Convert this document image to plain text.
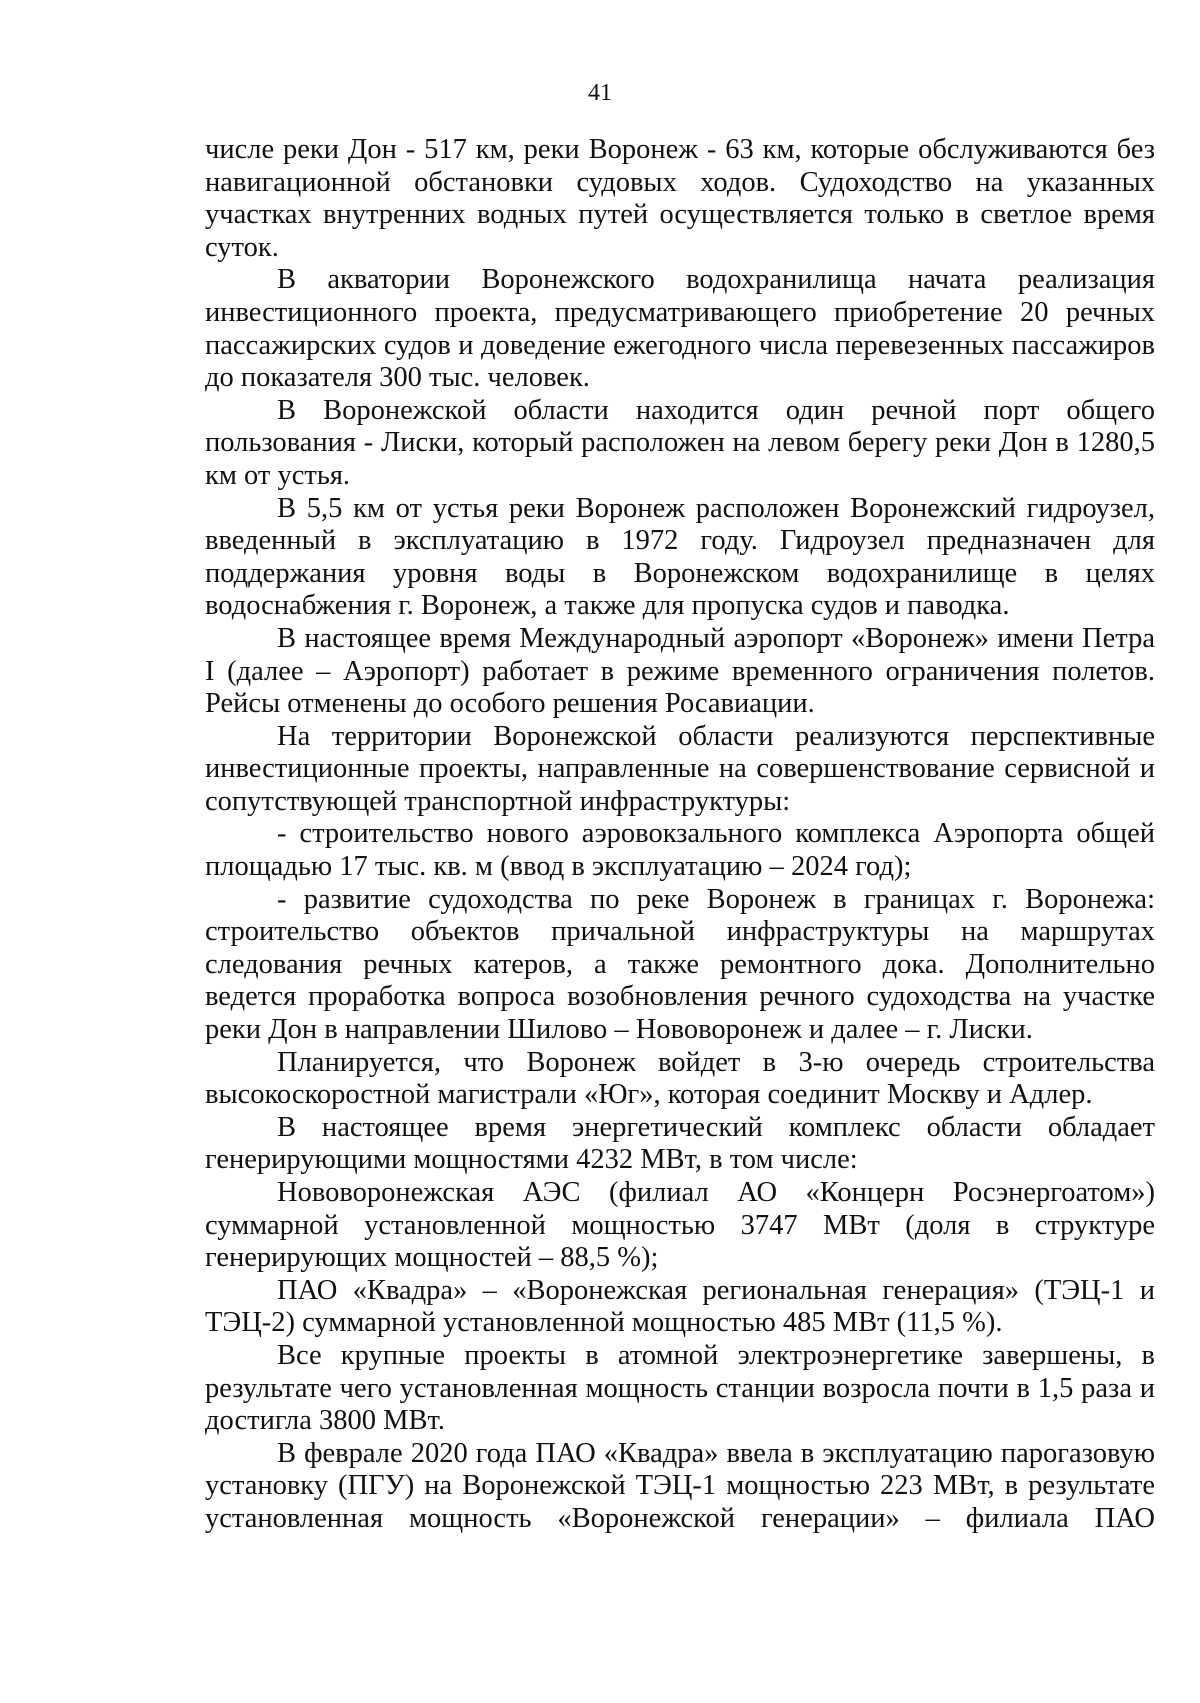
41

числе реки Дон - 517 км, реки Воронеж - 63 км, которые обслуживаются без навигационной обстановки судовых ходов. Судоходство на указанных участках внутренних водных путей осуществляется только в светлое время суток.

В акватории Воронежского водохранилища начата реализация инвестиционного проекта, предусматривающего приобретение 20 речных пассажирских судов и доведение ежегодного числа перевезенных пассажиров до показателя 300 тыс. человек.

В Воронежской области находится один речной порт общего пользования - Лиски, который расположен на левом берегу реки Дон в 1280,5 км от устья.

В 5,5 км от устья реки Воронеж расположен Воронежский гидроузел, введенный в эксплуатацию в 1972 году. Гидроузел предназначен для поддержания уровня воды в Воронежском водохранилище в целях водоснабжения г. Воронеж, а также для пропуска судов и паводка.

В настоящее время Международный аэропорт «Воронеж» имени Петра I (далее – Аэропорт) работает в режиме временного ограничения полетов. Рейсы отменены до особого решения Росавиации.

На территории Воронежской области реализуются перспективные инвестиционные проекты, направленные на совершенствование сервисной и сопутствующей транспортной инфраструктуры:

- строительство нового аэровокзального комплекса Аэропорта общей площадью 17 тыс. кв. м (ввод в эксплуатацию – 2024 год);

- развитие судоходства по реке Воронеж в границах г. Воронежа: строительство объектов причальной инфраструктуры на маршрутах следования речных катеров, а также ремонтного дока. Дополнительно ведется проработка вопроса возобновления речного судоходства на участке реки Дон в направлении Шилово – Нововоронеж и далее – г. Лиски.

Планируется, что Воронеж войдет в 3-ю очередь строительства высокоскоростной магистрали «Юг», которая соединит Москву и Адлер.

В настоящее время энергетический комплекс области обладает генерирующими мощностями 4232 МВт, в том числе:

Нововоронежская АЭС (филиал АО «Концерн Росэнергоатом») суммарной установленной мощностью 3747 МВт (доля в структуре генерирующих мощностей – 88,5 %);

ПАО «Квадра» – «Воронежская региональная генерация» (ТЭЦ-1 и ТЭЦ-2) суммарной установленной мощностью 485 МВт (11,5 %).

Все крупные проекты в атомной электроэнергетике завершены, в результате чего установленная мощность станции возросла почти в 1,5 раза и достигла 3800 МВт.

В феврале 2020 года ПАО «Квадра» ввела в эксплуатацию парогазовую установку (ПГУ) на Воронежской ТЭЦ-1 мощностью 223 МВт, в результате установленная мощность «Воронежской генерации» – филиала ПАО
